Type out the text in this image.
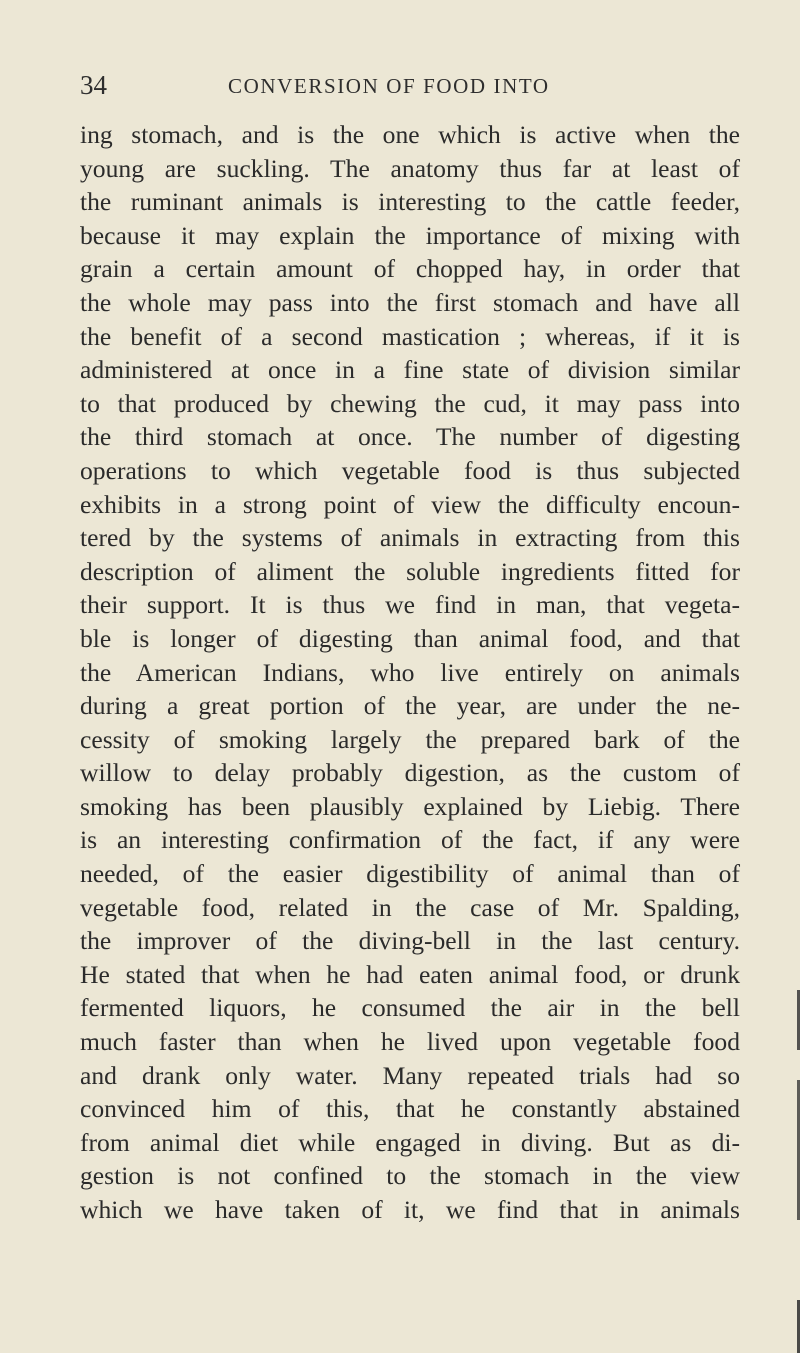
34	CONVERSION OF FOOD INTO
ing stomach, and is the one which is active when the
young are suckling. The anatomy thus far at least of
the ruminant animals is interesting to the cattle feeder,
because it may explain the importance of mixing with
grain a certain amount of chopped hay, in order that
the whole may pass into the first stomach and have all
the benefit of a second mastication ; whereas, if it is
administered at once in a fine state of division similar
to that produced by chewing the cud, it may pass into
the third stomach at once. The number of digesting
operations to which vegetable food is thus subjected
exhibits in a strong point of view the difficulty encoun-
tered by the systems of animals in extracting from this
description of aliment the soluble ingredients fitted for
their support. It is thus we find in man, that vegeta-
ble is longer of digesting than animal food, and that
the American Indians, who live entirely on animals
during a great portion of the year, are under the ne-
cessity of smoking largely the prepared bark of the
willow to delay probably digestion, as the custom of
smoking has been plausibly explained by Liebig. There
is an interesting confirmation of the fact, if any were
needed, of the easier digestibility of animal than of
vegetable food, related in the case of Mr. Spalding,
the improver of the diving-bell in the last century.
He stated that when he had eaten animal food, or drunk
fermented liquors, he consumed the air in the bell
much faster than when he lived upon vegetable food
and drank only water. Many repeated trials had so
convinced him of this, that he constantly abstained
from animal diet while engaged in diving. But as di-
gestion is not confined to the stomach in the view
which we have taken of it, we find that in animals
